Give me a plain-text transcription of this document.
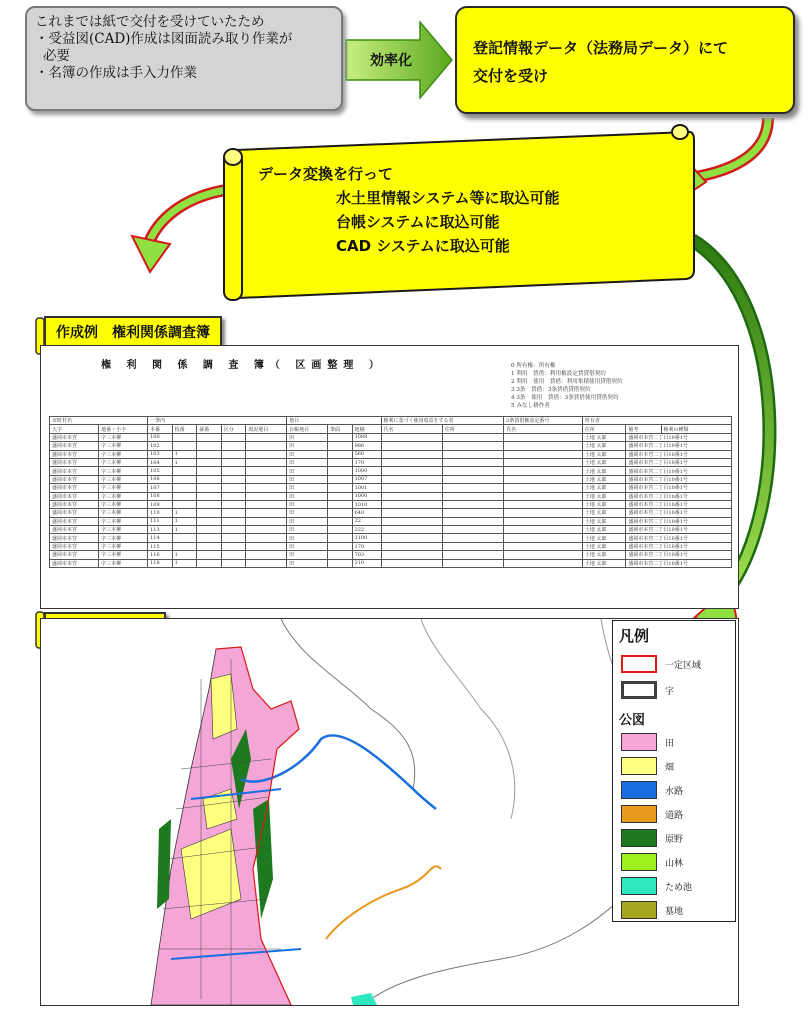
これまでは紙で交付を受けていたため
・受益図(CAD)作成は図面読み取り作業が
必要
・名簿の作成は手入力作業
効率化
登記情報データ（法務局データ）にて
交付を受け
データ変換を行って
水土里情報システム等に取込可能
台帳システムに取込可能
CAD システムに取込可能
作成例　権利関係調査簿
権 利 関 係 調 査 簿（ 区画整理 ）	0 所有権：所有権
1 利用　賃借：利用権設定賃貸借契約
2 利用　使用　賃借：利用集積使用貸借契約
3 3条　賃借：3条賃借貸借契約
4 3条　使用　賃借：3条賃借使用貸借契約
5 みなし耕作者
市町村名		一筆内					地目			権利に基づく使用収益をする者		3条賃借権設定番号	所有者		
大字	地番・小字	本番	枝番	孫番	区分	現況地目	台帳地目	筆面	地積	氏名	住所	氏名	住所	備考	権利の種類
盛岡市本宮	字三本柳	100					田		1088				土地 太郎	盛岡市本宮二丁目10番1号	
盛岡市本宮	字三本柳	102					田		986				土地 太郎	盛岡市本宮二丁目10番1号	
盛岡市本宮	字三本柳	103	1				田		560				土地 太郎	盛岡市本宮二丁目10番1号	
盛岡市本宮	字三本柳	104	1				田		170				土地 太郎	盛岡市本宮二丁目10番1号	
盛岡市本宮	字三本柳	105					田		1000				土地 太郎	盛岡市本宮二丁目10番1号	
盛岡市本宮	字三本柳	106					田		1007				土地 太郎	盛岡市本宮二丁目10番1号	
盛岡市本宮	字三本柳	107					田		1001				土地 太郎	盛岡市本宮二丁目10番1号	
盛岡市本宮	字三本柳	108					田		1000				土地 太郎	盛岡市本宮二丁目10番1号	
盛岡市本宮	字三本柳	109					田		1010				土地 太郎	盛岡市本宮二丁目10番1号	
盛岡市本宮	字三本柳	110	1				田		640				土地 太郎	盛岡市本宮二丁目10番1号	
盛岡市本宮	字三本柳	111	1				田		22				土地 太郎	盛岡市本宮二丁目10番1号	
盛岡市本宮	字三本柳	113	1				田		222				土地 太郎	盛岡市本宮二丁目10番1号	
盛岡市本宮	字三本柳	114					田		1100				土地 太郎	盛岡市本宮二丁目10番1号	
盛岡市本宮	字三本柳	115					田		170				土地 太郎	盛岡市本宮二丁目10番1号	
盛岡市本宮	字三本柳	116	1				田		703				土地 太郎	盛岡市本宮二丁目10番1号	
盛岡市本宮	字三本柳	118	1				田		210				土地 太郎	盛岡市本宮二丁目10番1号	
凡例
一定区域
字
公図
田
畑
水路
道路
原野
山林
ため池
墓地
